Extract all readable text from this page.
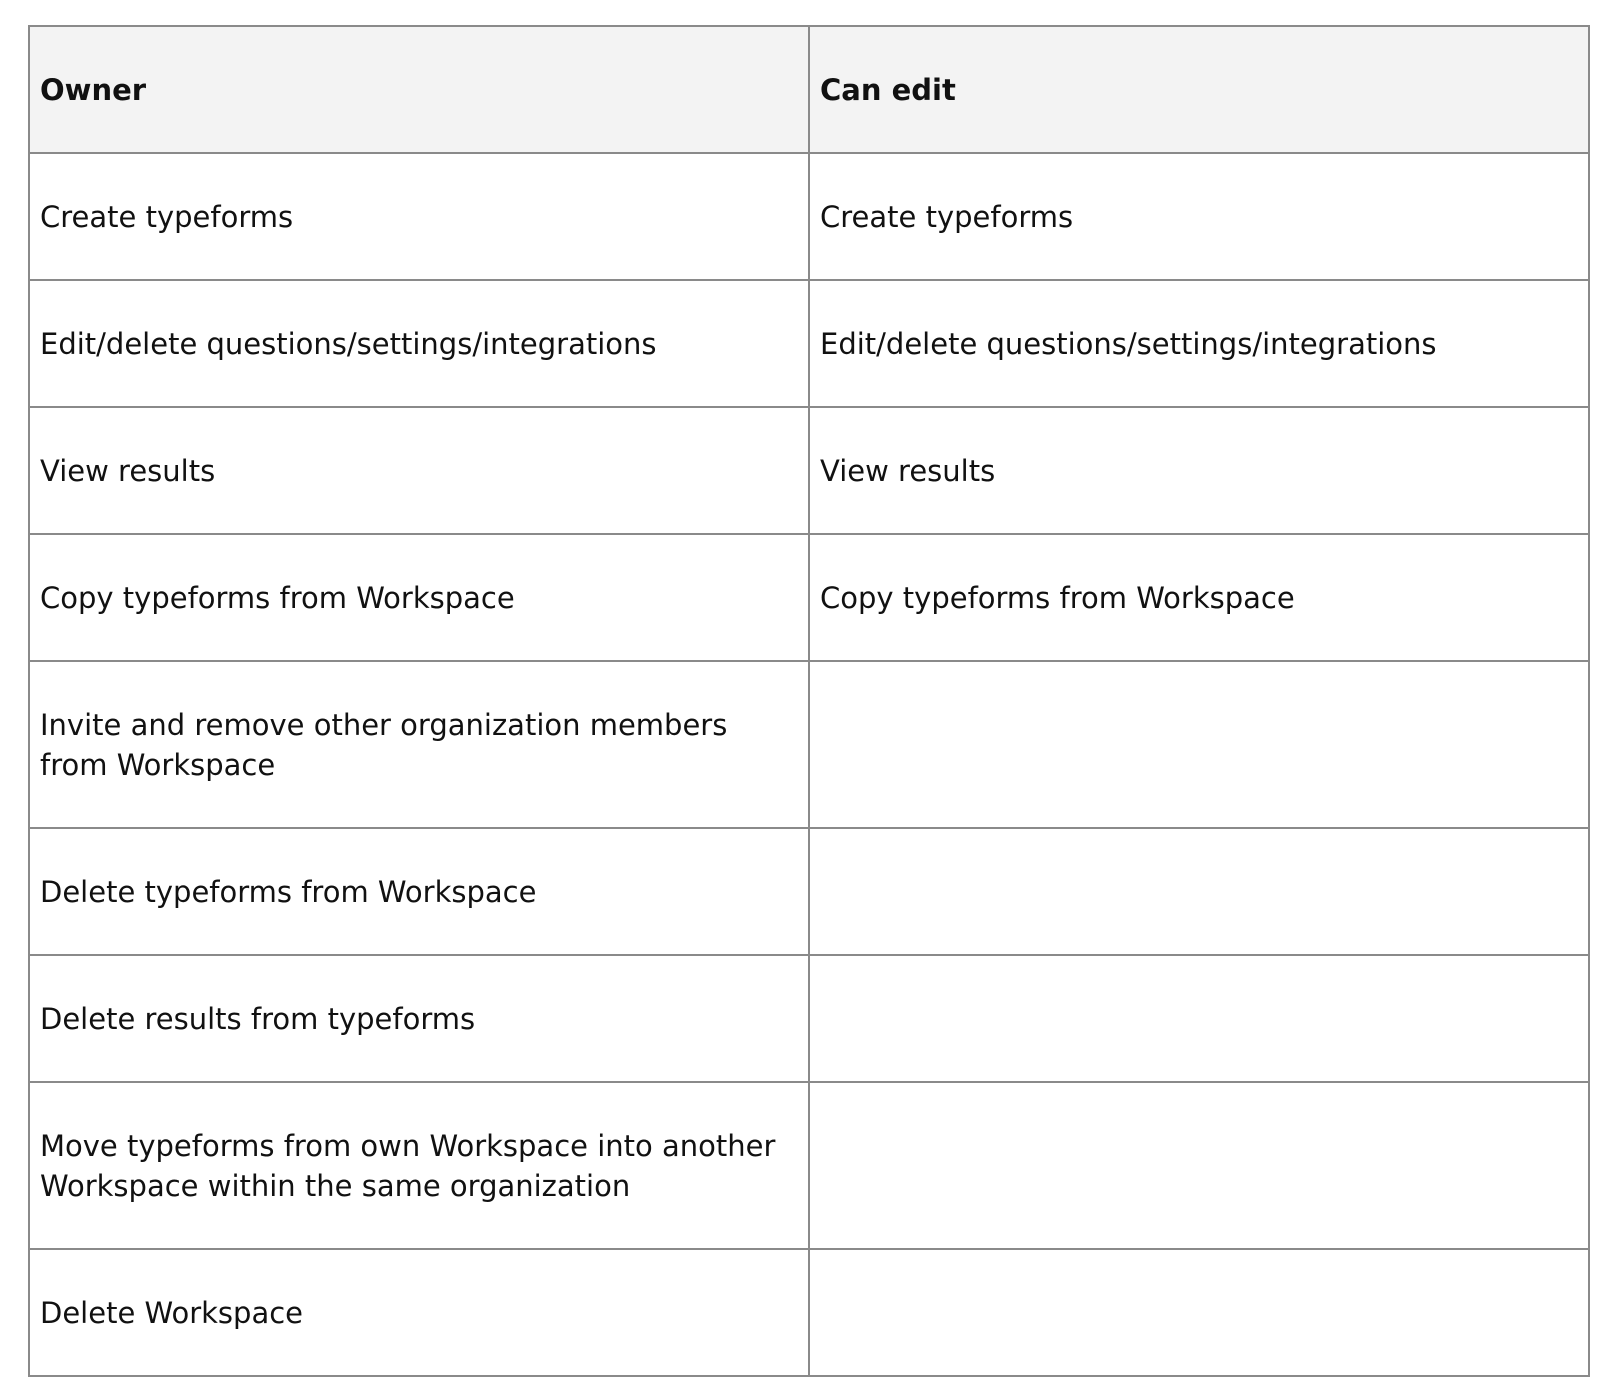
Owner	Can edit
Create typeforms	Create typeforms
Edit/delete questions/settings/integrations	Edit/delete questions/settings/integrations
View results	View results
Copy typeforms from Workspace	Copy typeforms from Workspace
Invite and remove other organization members from Workspace	
Delete typeforms from Workspace	
Delete results from typeforms	
Move typeforms from own Workspace into another Workspace within the same organization	
Delete Workspace	
